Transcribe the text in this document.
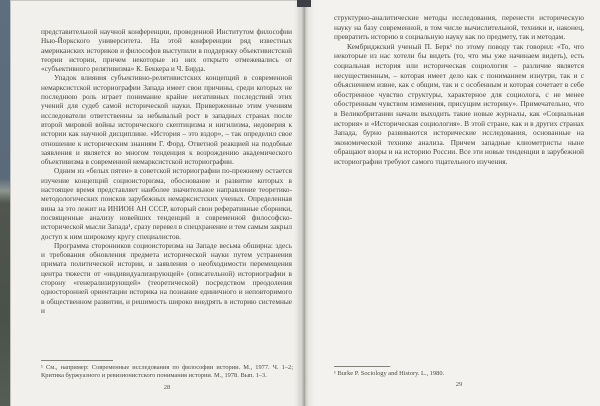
представительной научной конференции, проведенной Институтом философии Нью-Йоркского университета. На этой конференции ряд известных американских историков и философов выступили в поддержку объективистской теории истории, причем некоторые из них открыто отмежевались от «субъективного релятивизма» К. Беккера и Ч. Бирда.

Упадок влияния субъективно-релятивистских концепций в современной немарксистской историографии Запада имеет свои причины, среди которых не последнюю роль играет понимание крайне негативных последствий этих учений для судеб самой исторической науки. Приверженные этим учениям исследователи ответственны за небывалый рост в западных странах после второй мировой войны исторического скептицизма и нигилизма, недоверия к истории как научной дисциплине. «История – это вздор», – так определил свое отношение к историческим знаниям Г. Форд. Ответной реакцией на подобные заявления и является во многом тенденция к возрождению академического объективизма в современной немарксистской историографии.

Одним из «белых пятен» в советской историографии по-прежнему остается изучение концепций социоисторизма, обоснование и развитие которых в настоящее время представляет наиболее значительное направление теоретико-методологических поисков зарубежных немарксистских ученых. Определенная вина за это лежит на ИНИОН АН СССР, который свои реферативные сборники, посвященные анализу новейших тенденций в современной философско-исторической мысли Запада¹, сразу перевел в спецхранение и тем самым закрыл доступ к ним широкому кругу специалистов.

Программа сторонников социоисторизма на Западе весьма обширна: здесь и требования обновления предмета исторической науки путем устранения примата политической истории, и заявления о необходимости перемещения центра тяжести от «индивидуализирующей» (описательной) историографии в сторону «генерализирующей» (теоретической) посредством преодоления односторонней ориентации историка на познание единичного и неповторимого в общественном развитии, и решимость широко внедрять в историю системные и

¹ См., например: Современные исследования по философии истории. М., 1977. Ч. 1–2; Критика буржуазного и ревизионистского понимания истории. М., 1978. Вып. 1–3.
28

структурно-аналитические методы исследования, перенести историческую науку на базу современной, в том числе вычислительной, техники и, наконец, превратить историю в социальную науку как по предмету, так и методам.

Кембриджский ученый П. Берк¹ по этому поводу так говорил: «То, что некоторые из нас хотели бы видеть (то, что мы уже начинаем видеть), есть социальная история или историческая социология – различие является несущественным, – которая имеет дело как с пониманием изнутри, так и с объяснением извне, как с общим, так и с особенным и которая сочетает в себе обостренное чувство структуры, характерное для социолога, с не менее обостренным чувством изменения, присущим историку». Примечательно, что в Великобритании начали выходить такие новые журналы, как «Социальная история» и «Историческая социология». В этой стране, как и в других странах Запада, бурно развиваются исторические исследования, основанные на экономической технике анализа. Причем западные клиометристы ныне обращают взоры и на историю России. Все эти новые тенденции в зарубежной историографии требуют самого тщательного изучения.

¹ Burke P. Sociology and History. L., 1980.
29
